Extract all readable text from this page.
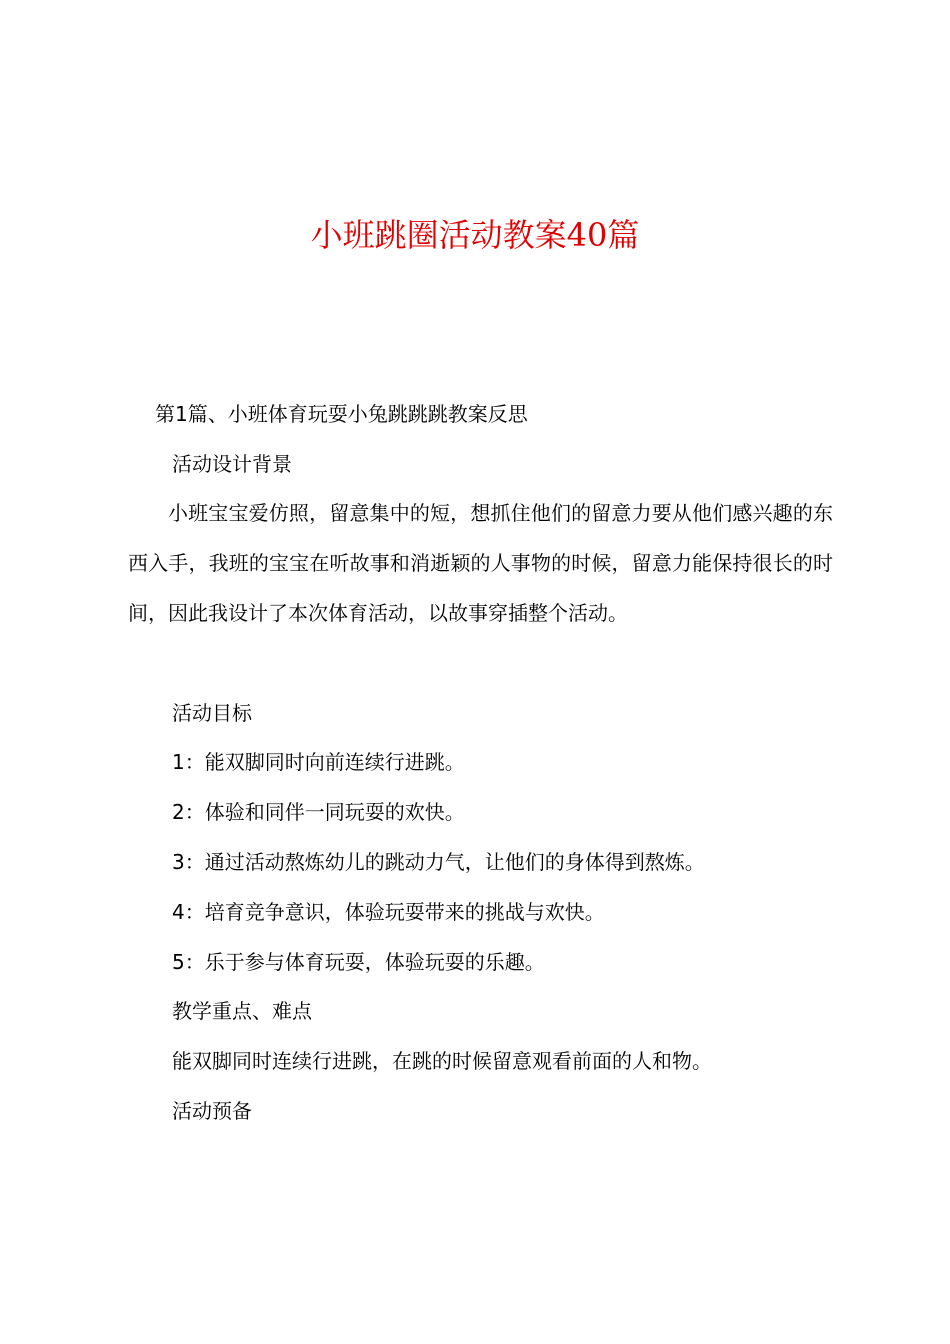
小班跳圈活动教案40篇

第1篇、小班体育玩耍小兔跳跳跳教案反思

活动设计背景

小班宝宝爱仿照，留意集中的短，想抓住他们的留意力要从他们感兴趣的东西入手，我班的宝宝在听故事和消逝颖的人事物的时候，留意力能保持很长的时间，因此我设计了本次体育活动，以故事穿插整个活动。

活动目标

1：能双脚同时向前连续行进跳。

2：体验和同伴一同玩耍的欢快。

3：通过活动熬炼幼儿的跳动力气，让他们的身体得到熬炼。

4：培育竞争意识，体验玩耍带来的挑战与欢快。

5：乐于参与体育玩耍，体验玩耍的乐趣。

教学重点、难点

能双脚同时连续行进跳，在跳的时候留意观看前面的人和物。

活动预备
